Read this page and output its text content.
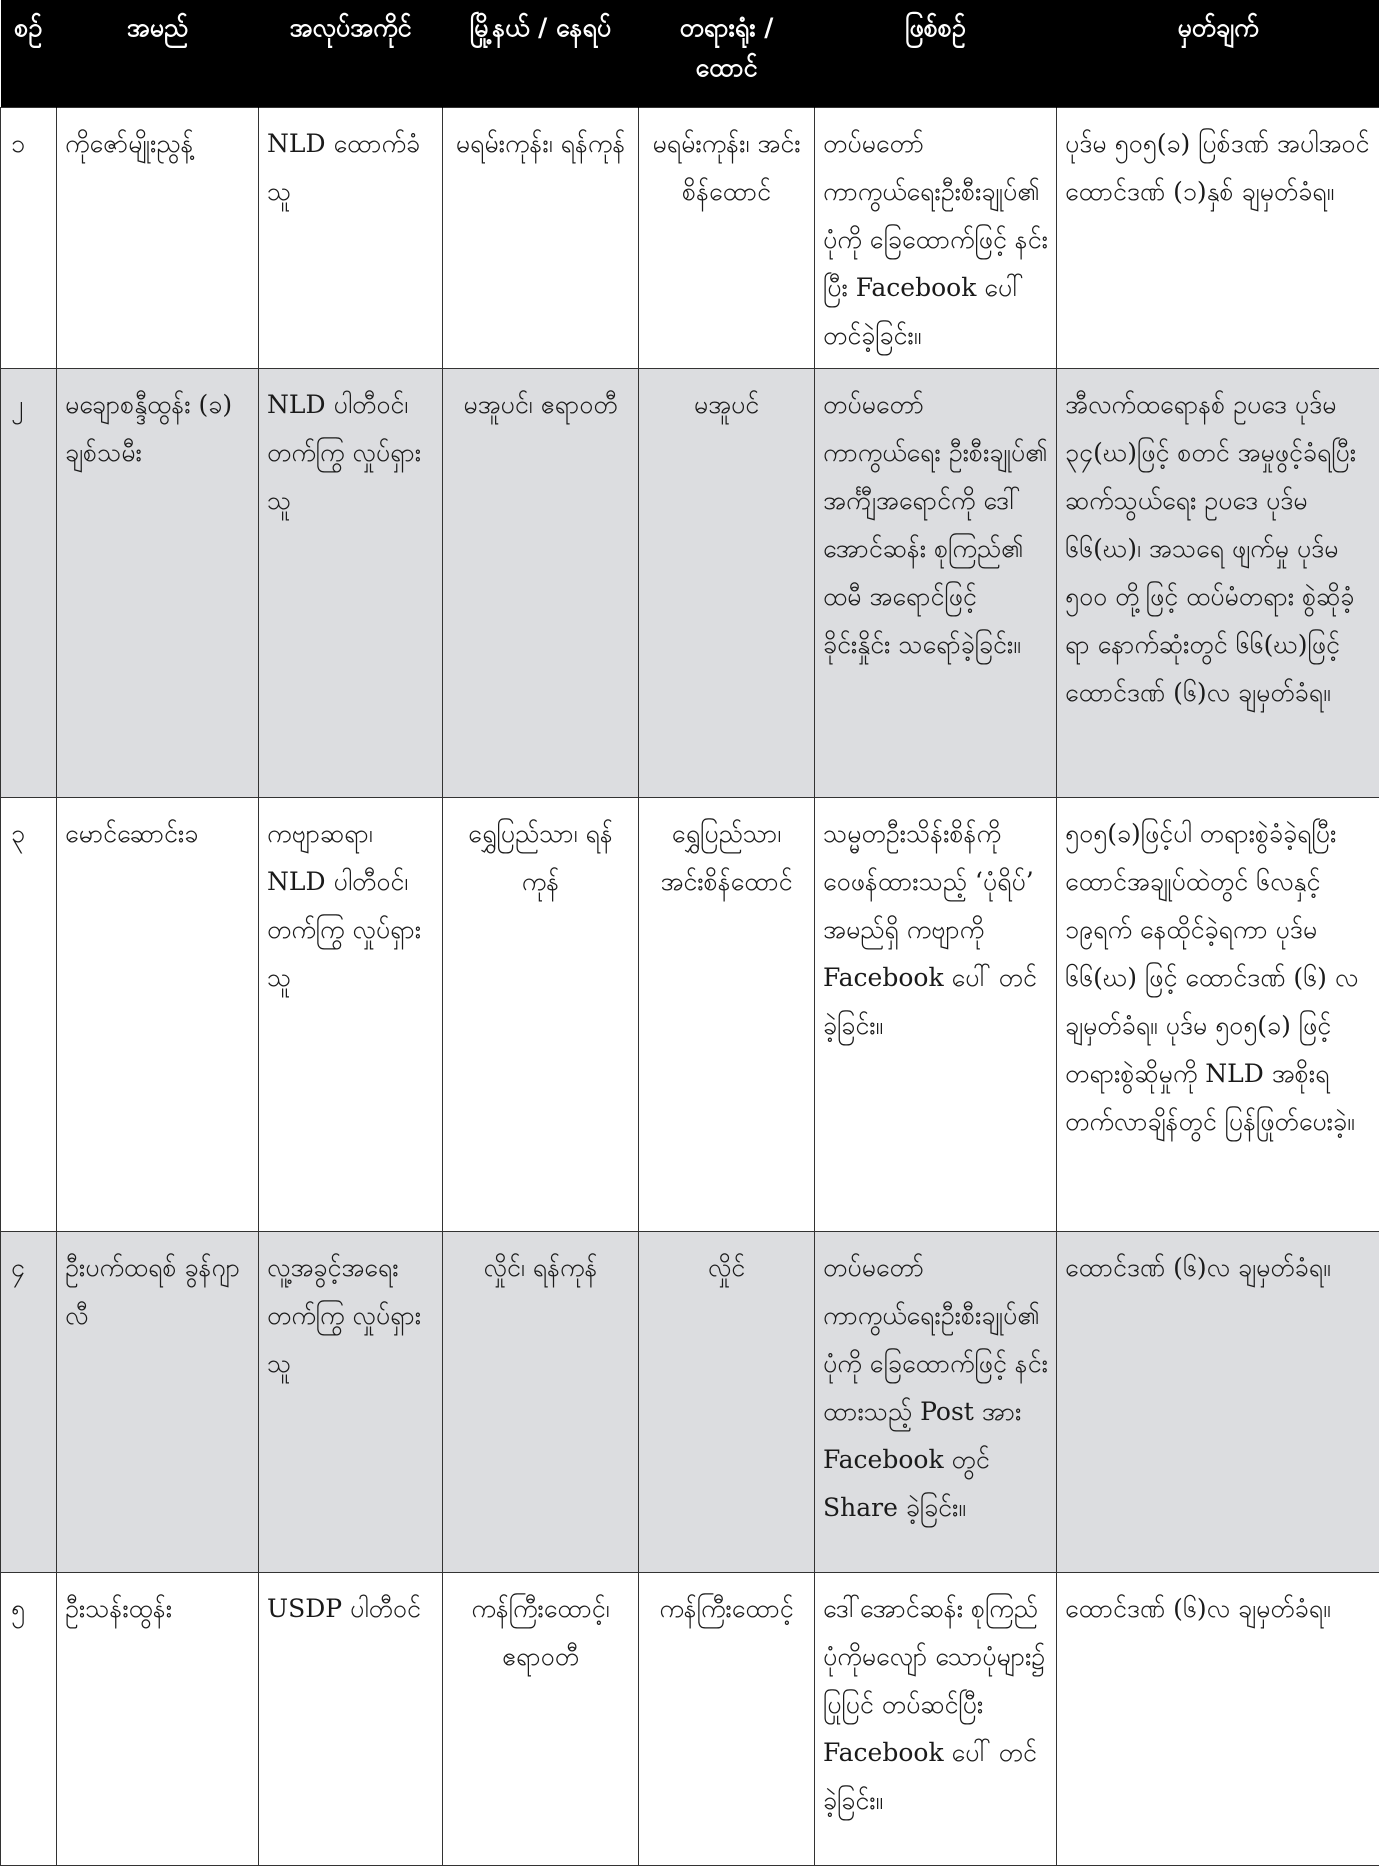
စဉ်	အမည်	အလုပ်အကိုင်	မြို့နယ် / နေရပ်	တရားရုံး / ထောင်	ဖြစ်စဉ်	မှတ်ချက်
၁	ကိုဇော်မျိုးညွန့်	NLD ထောက်ခံသူ	မရမ်းကုန်း၊ ရန်ကုန်	မရမ်းကုန်း၊ အင်းစိန်ထောင်	တပ်မတော် ကာကွယ်ရေးဦးစီးချုပ်၏ ပုံကို ခြေထောက်ဖြင့် နင်းပြီး Facebook ပေါ် တင်ခဲ့ခြင်း။	ပုဒ်မ ၅၀၅(ခ) ပြစ်ဒဏ် အပါအဝင် ထောင်ဒဏ် (၁)နှစ် ချမှတ်ခံရ။
၂	မချောစန္ဒီထွန်း (ခ) ချစ်သမီး	NLD ပါတီဝင်၊ တက်ကြွ လှုပ်ရှားသူ	မအူပင်၊ ဧရာဝတီ	မအူပင်	တပ်မတော် ကာကွယ်ရေး ဦးစီးချုပ်၏ အင်္ကျီအရောင်ကို ဒေါ်အောင်ဆန်း စုကြည်၏ ထမီ အရောင်ဖြင့် ခိုင်းနှိုင်း သရော်ခဲ့ခြင်း။	အီလက်ထရောနစ် ဥပဒေ ပုဒ်မ ၃၄(ဃ)ဖြင့် စတင် အမှုဖွင့်ခံရပြီး ဆက်သွယ်ရေး ဥပဒေ ပုဒ်မ ၆၆(ဃ)၊ အသရေ ဖျက်မှု ပုဒ်မ ၅၀၀ တို့ဖြင့် ထပ်မံတရား စွဲဆိုခံ့ရာ နောက်ဆုံးတွင် ၆၆(ဃ)ဖြင့် ထောင်ဒဏ် (၆)လ ချမှတ်ခံရ။
၃	မောင်ဆောင်းခ	ကဗျာဆရာ၊ NLD ပါတီဝင်၊ တက်ကြွ လှုပ်ရှားသူ	ရွှေပြည်သာ၊ ရန်ကုန်	ရွှေပြည်သာ၊ အင်းစိန်ထောင်	သမ္မတဦးသိန်းစိန်ကို ဝေဖန်ထားသည့် ‘ပုံရိပ်’ အမည်ရှိ ကဗျာကို Facebook ပေါ် တင်ခဲ့ခြင်း။	၅၀၅(ခ)ဖြင့်ပါ တရားစွဲခံခဲ့ရပြီး ထောင်အချုပ်ထဲတွင် ၆လနှင့် ၁၉ရက် နေထိုင်ခဲ့ရကာ ပုဒ်မ ၆၆(ဃ) ဖြင့် ထောင်ဒဏ် (၆) လ ချမှတ်ခံရ။ ပုဒ်မ ၅၀၅(ခ) ဖြင့် တရားစွဲဆိုမှုကို NLD အစိုးရ တက်လာချိန်တွင် ပြန်ဖြုတ်ပေးခဲ့။
၄	ဦးပက်ထရစ် ခွန်ဂျာလီ	လူ့အခွင့်အရေး တက်ကြွ လှုပ်ရှားသူ	လှိုင်၊ ရန်ကုန်	လှိုင်	တပ်မတော် ကာကွယ်ရေးဦးစီးချုပ်၏ ပုံကို ခြေထောက်ဖြင့် နင်းထားသည့် Post အား Facebook တွင် Share ခဲ့ခြင်း။	ထောင်ဒဏ် (၆)လ ချမှတ်ခံရ။
၅	ဦးသန်းထွန်း	USDP ပါတီဝင်	ကန်ကြီးထောင့်၊ ဧရာဝတီ	ကန်ကြီးထောင့်	ဒေါ်အောင်ဆန်း စုကြည်ပုံကိုမလျော် သောပုံများ၌ ပြုပြင် တပ်ဆင်ပြီး Facebook ပေါ် တင်ခဲ့ခြင်း။	ထောင်ဒဏ် (၆)လ ချမှတ်ခံရ။
